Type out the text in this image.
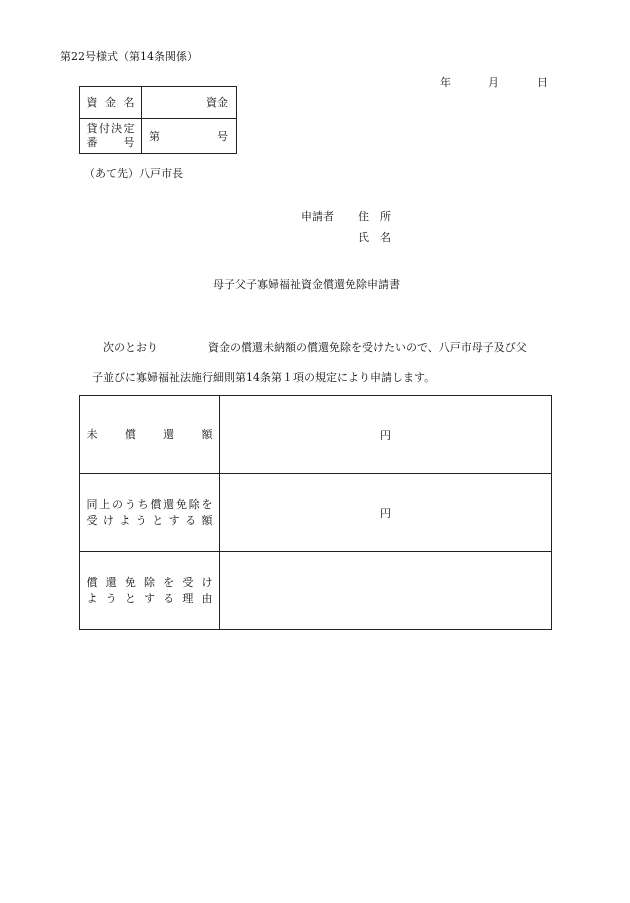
第22号様式（第14条関係）
年	月	日
資 金 名	資金

貸付決定
番　　号	第 号
（あて先）八戸市長
申請者 住　所
氏　名
母子父子寡婦福祉資金償還免除申請書
次のとおり	資金の償還未納額の償還免除を受けたいので、八戸市母子及び父
子並びに寡婦福祉法施行細則第14条第１項の規定により申請します。
未　償　還　額	円

同上のうち償還免除を
受けようとする額	円

償還免除を受け
ようとする理由	
